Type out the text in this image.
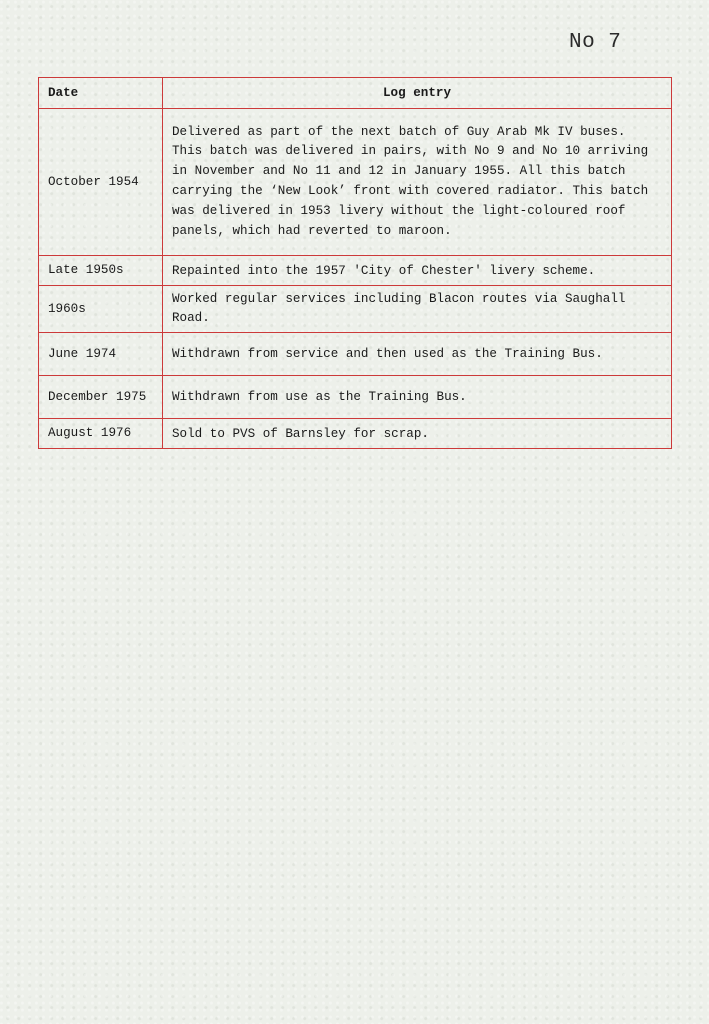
No 7
Date	Log entry
October 1954	Delivered as part of the next batch of Guy Arab Mk IV buses. This batch was delivered in pairs, with No 9 and No 10 arriving in November and No 11 and 12 in January 1955. All this batch carrying the ‘New Look’ front with covered radiator. This batch was delivered in 1953 livery without the light-coloured roof panels, which had reverted to maroon.
Late 1950s	Repainted into the 1957 'City of Chester' livery scheme.
1960s	Worked regular services including Blacon routes via Saughall Road.
June 1974	Withdrawn from service and then used as the Training Bus.
December 1975	Withdrawn from use as the Training Bus.
August 1976	Sold to PVS of Barnsley for scrap.
